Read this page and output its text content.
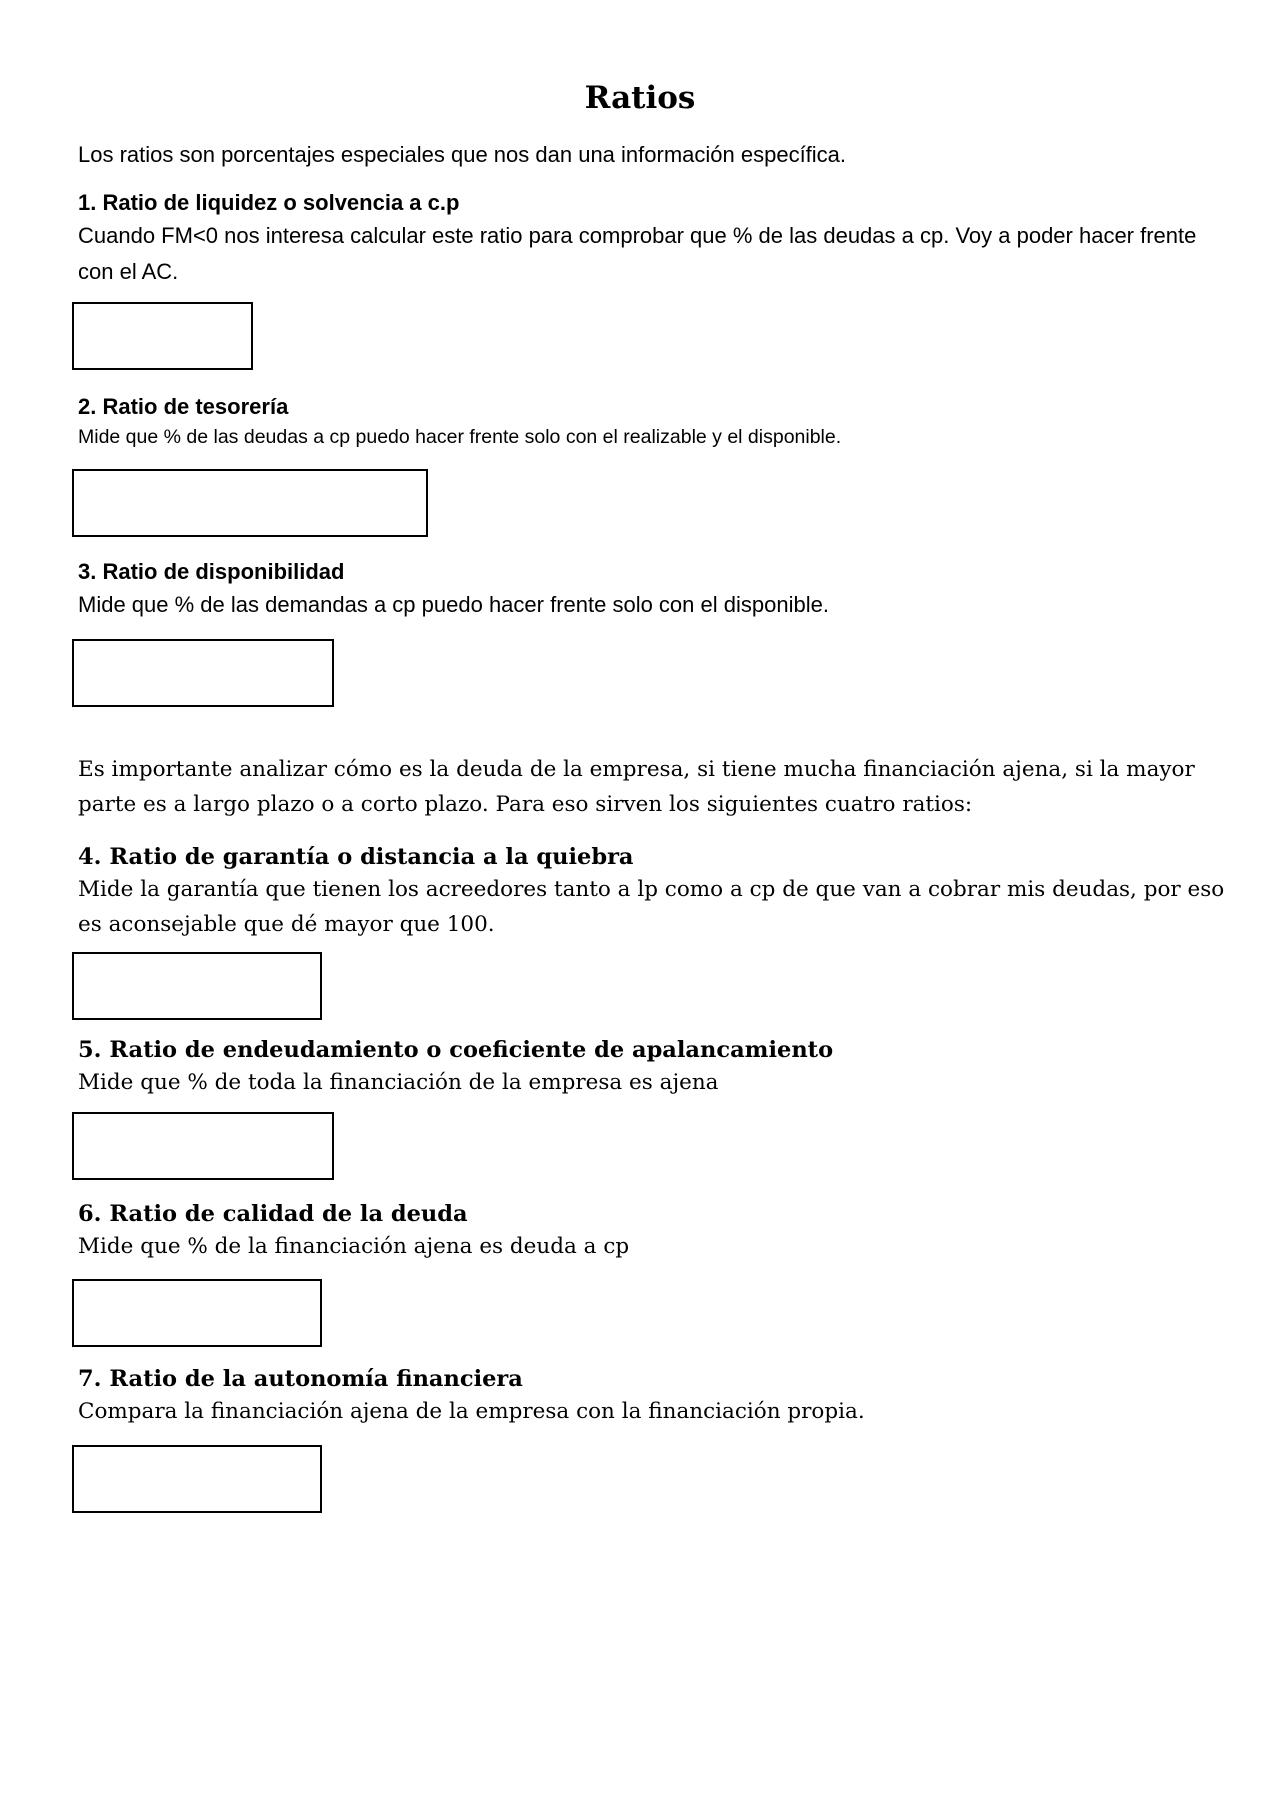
Ratios
Los ratios son porcentajes especiales que nos dan una información específica.

1. Ratio de liquidez o solvencia a c.p

Cuando FM<0 nos interesa calcular este ratio para comprobar que % de las deudas a cp. Voy a poder hacer frente con el AC.

2. Ratio de tesorería

Mide que % de las deudas a cp puedo hacer frente solo con el realizable y el disponible.

3. Ratio de disponibilidad

Mide que % de las demandas a cp puedo hacer frente solo con el disponible.

Es importante analizar cómo es la deuda de la empresa, si tiene mucha financiación ajena, si la mayor parte es a largo plazo o a corto plazo. Para eso sirven los siguientes cuatro ratios:

4. Ratio de garantía o distancia a la quiebra

Mide la garantía que tienen los acreedores tanto a lp como a cp de que van a cobrar mis deudas, por eso es aconsejable que dé mayor que 100.

5. Ratio de endeudamiento o coeficiente de apalancamiento

Mide que % de toda la financiación de la empresa es ajena

6. Ratio de calidad de la deuda

Mide que % de la financiación ajena es deuda a cp

7. Ratio de la autonomía financiera

Compara la financiación ajena de la empresa con la financiación propia.
